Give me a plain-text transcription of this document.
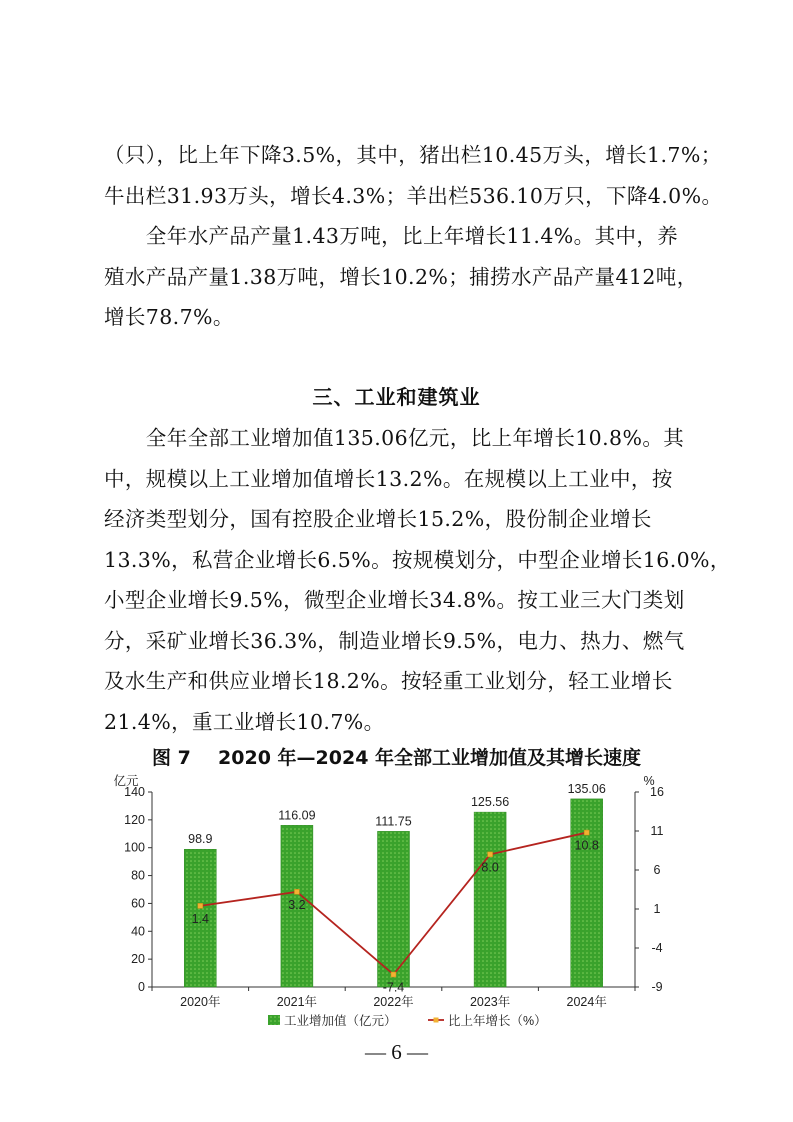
（只），比上年下降3.5%，其中，猪出栏10.45万头，增长1.7%；
牛出栏31.93万头，增长4.3%；羊出栏536.10万只，下降4.0%。
　　全年水产品产量1.43万吨，比上年增长11.4%。其中，养
殖水产品产量1.38万吨，增长10.2%；捕捞水产品产量412吨，
增长78.7%。
三、工业和建筑业
　　全年全部工业增加值135.06亿元，比上年增长10.8%。其
中，规模以上工业增加值增长13.2%。在规模以上工业中，按
经济类型划分，国有控股企业增长15.2%，股份制企业增长
13.3%，私营企业增长6.5%。按规模划分，中型企业增长16.0%，
小型企业增长9.5%，微型企业增长34.8%。按工业三大门类划
分，采矿业增长36.3%，制造业增长9.5%，电力、热力、燃气
及水生产和供应业增长18.2%。按轻重工业划分，轻工业增长
21.4%，重工业增长10.7%。
图 7 2020 年—2024 年全部工业增加值及其增长速度
0
20
40
60
80
100
120
140
亿元
-9
-4
1
6
11
16
%
2020年	2021年	2022年	2023年	2024年
98.9
116.09	111.75
125.56
135.06
1.4
3.2
-7.4
8.0
10.8
工业增加值（亿元）	比上年增长（%）
— 6 —
